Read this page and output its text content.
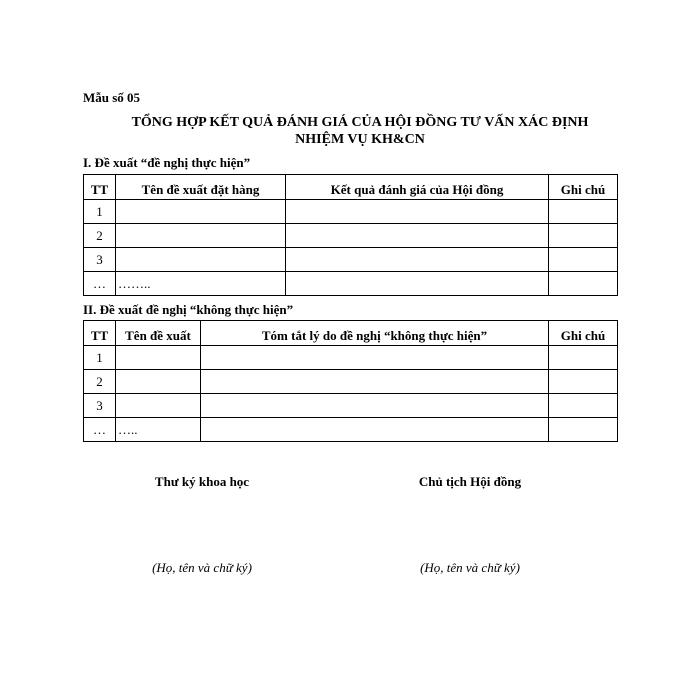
Mẫu số 05
TỔNG HỢP KẾT QUẢ ĐÁNH GIÁ CỦA HỘI ĐỒNG TƯ VẤN XÁC ĐỊNH
NHIỆM VỤ KH&CN
I. Đề xuất “đề nghị thực hiện”
TT	Tên đề xuất đặt hàng	Kết quả đánh giá của Hội đồng	Ghi chú
1			
2			
3			
…	……..		
II. Đề xuất đề nghị “không thực hiện”
TT	Tên đề xuất	Tóm tắt lý do đề nghị “không thực hiện”	Ghi chú
1			
2			
3			
…	…..		
Thư ký khoa học	Chủ tịch Hội đồng
(Họ, tên và chữ ký)	(Họ, tên và chữ ký)
